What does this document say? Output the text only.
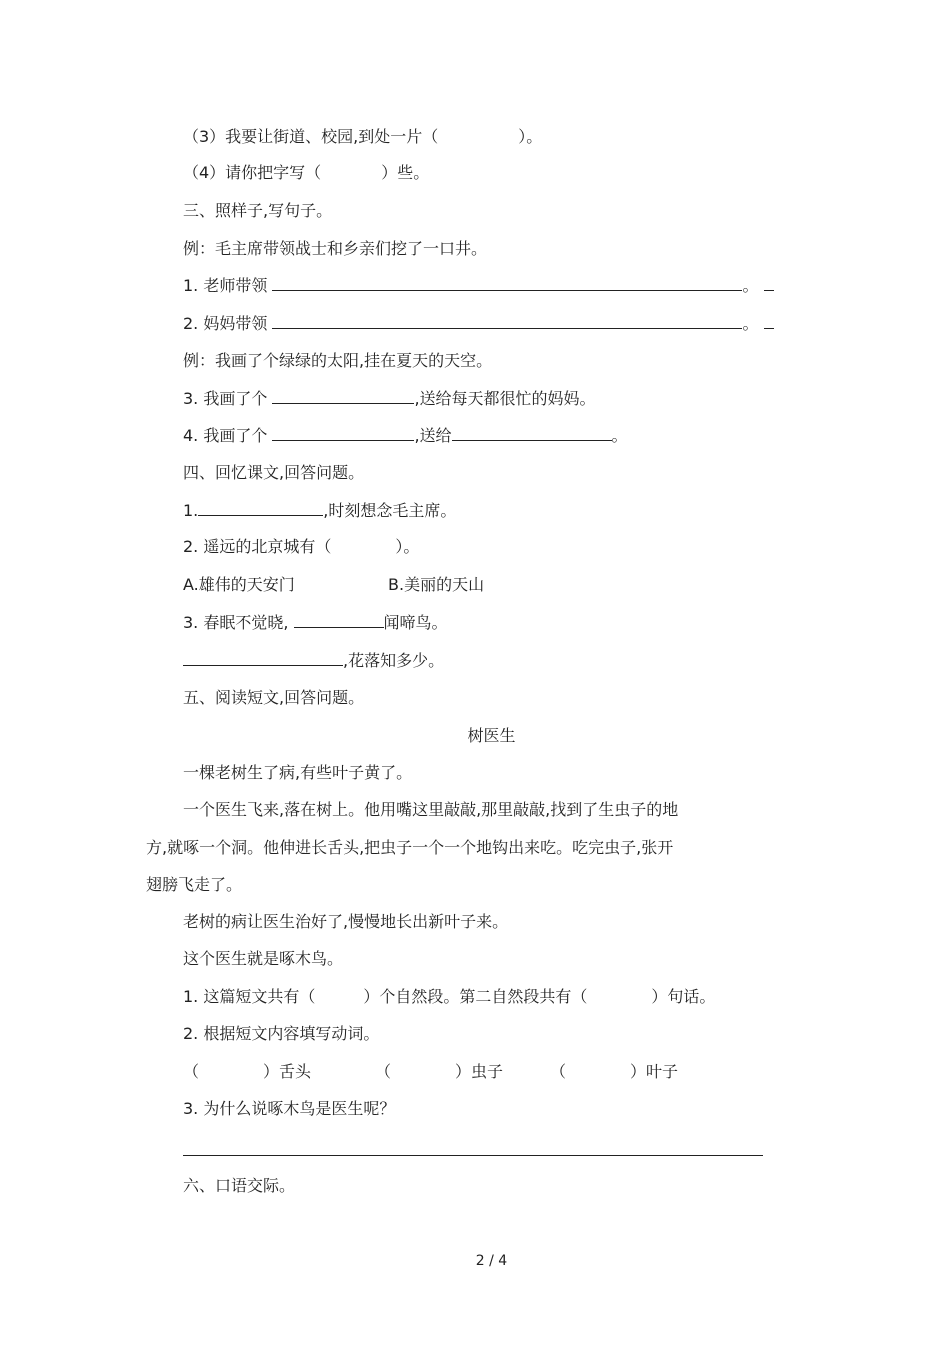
（3）我要让街道、校园,到处一片（	）。
（4）请你把字写（	）些。
三、照样子,写句子。
例：毛主席带领战士和乡亲们挖了一口井。
1. 老师带领	。
2. 妈妈带领	。
例：我画了个绿绿的太阳,挂在夏天的天空。
3. 我画了个	,送给每天都很忙的妈妈。
4. 我画了个	,送给	。
四、回忆课文,回答问题。
1.	,时刻想念毛主席。
2. 遥远的北京城有（　　　　）。
A.雄伟的天安门	B.美丽的天山
3. 春眠不觉晓,	闻啼鸟。
,花落知多少。
五、阅读短文,回答问题。
树医生
一棵老树生了病,有些叶子黄了。
一个医生飞来,落在树上。他用嘴这里敲敲,那里敲敲,找到了生虫子的地
方,就啄一个洞。他伸进长舌头,把虫子一个一个地钩出来吃。吃完虫子,张开
翅膀飞走了。
老树的病让医生治好了,慢慢地长出新叶子来。
这个医生就是啄木鸟。
1. 这篇短文共有（　　　）个自然段。第二自然段共有（　　　　）句话。
2. 根据短文内容填写动词。
（　　　　）舌头	（　　　　）虫子	（　　　　）叶子
3. 为什么说啄木鸟是医生呢？
六、口语交际。
2 / 4
